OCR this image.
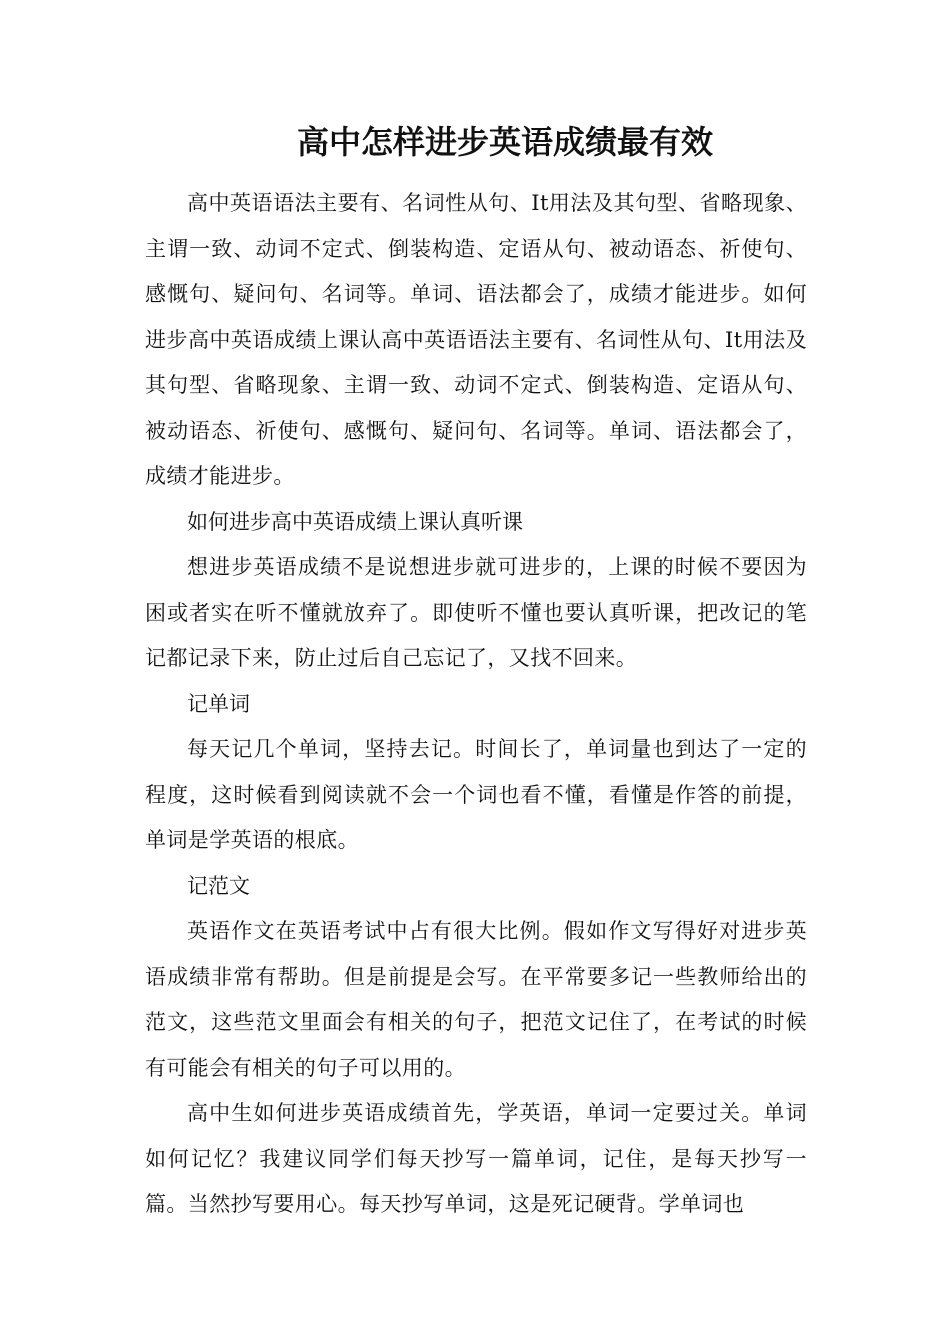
高中怎样进步英语成绩最有效

高中英语语法主要有、名词性从句、It用法及其句型、省略现象、主谓一致、动词不定式、倒装构造、定语从句、被动语态、祈使句、感慨句、疑问句、名词等。单词、语法都会了，成绩才能进步。如何进步高中英语成绩上课认高中英语语法主要有、名词性从句、It用法及其句型、省略现象、主谓一致、动词不定式、倒装构造、定语从句、被动语态、祈使句、感慨句、疑问句、名词等。单词、语法都会了，成绩才能进步。

如何进步高中英语成绩上课认真听课

想进步英语成绩不是说想进步就可进步的，上课的时候不要因为困或者实在听不懂就放弃了。即使听不懂也要认真听课，把改记的笔记都记录下来，防止过后自己忘记了，又找不回来。

记单词

每天记几个单词，坚持去记。时间长了，单词量也到达了一定的程度，这时候看到阅读就不会一个词也看不懂，看懂是作答的前提，单词是学英语的根底。

记范文

英语作文在英语考试中占有很大比例。假如作文写得好对进步英语成绩非常有帮助。但是前提是会写。在平常要多记一些教师给出的范文，这些范文里面会有相关的句子，把范文记住了，在考试的时候有可能会有相关的句子可以用的。

高中生如何进步英语成绩首先，学英语，单词一定要过关。单词如何记忆？我建议同学们每天抄写一篇单词，记住，是每天抄写一篇。当然抄写要用心。每天抄写单词，这是死记硬背。学单词也
